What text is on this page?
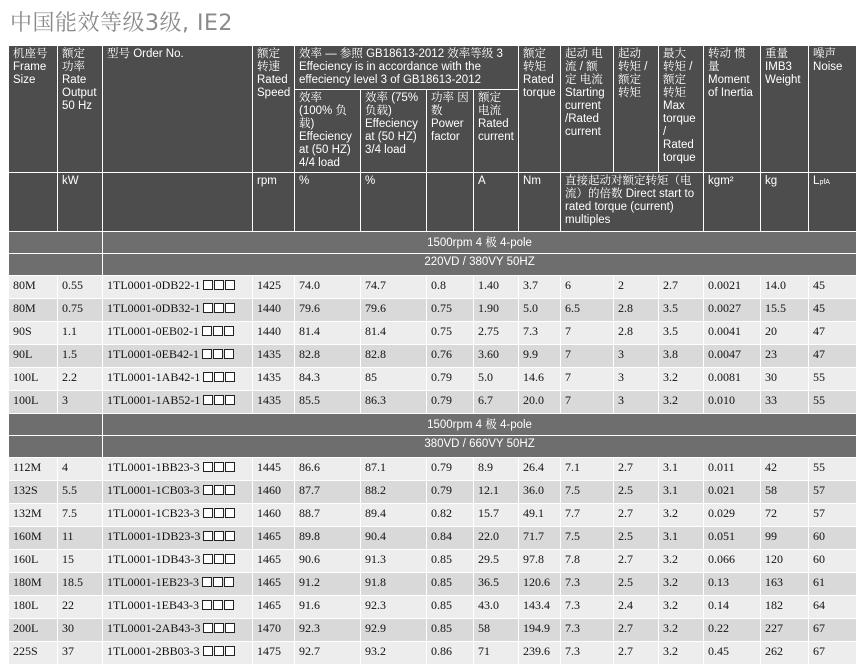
中国能效等级3级, IE2
机座号 Frame Size	额定 功率 Rate Output 50 Hz	型号 Order No.	额定 转速 Rated Speed	效率 — 参照 GB18613-2012 效率等级 3 Effeciency is in accordance with the effeciency level 3 of GB18613-2012				额定 转矩 Rated torque	起动 电流 / 额定 电流 Starting current /Rated current	起动 转矩 / 额定 转矩	最大 转矩 / 额定 转矩 Max torque / Rated torque	转动 惯量 Moment of Inertia	重量 IMB3 Weight	噪声 Noise
				效率 (100% 负载) Effeciency at (50 HZ) 4/4 load	效率 (75% 负载) Effeciency at (50 HZ) 3/4 load	功率 因数 Power factor	额定 电流 Rated current							
	kW		rpm	%	%		A	Nm	直接起动对额定转矩（电流）的倍数 Direct start to rated torque (current) multiples			kgm²	kg	LpfA
		1500rpm 4 极 4-pole												
		220VD / 380VY 50HZ												
80M	0.55	1TL0001-0DB22-1	1425	74.0	74.7	0.8	1.40	3.7	6	2	2.7	0.0021	14.0	45
80M	0.75	1TL0001-0DB32-1	1440	79.6	79.6	0.75	1.90	5.0	6.5	2.8	3.5	0.0027	15.5	45
90S	1.1	1TL0001-0EB02-1	1440	81.4	81.4	0.75	2.75	7.3	7	2.8	3.5	0.0041	20	47
90L	1.5	1TL0001-0EB42-1	1435	82.8	82.8	0.76	3.60	9.9	7	3	3.8	0.0047	23	47
100L	2.2	1TL0001-1AB42-1	1435	84.3	85	0.79	5.0	14.6	7	3	3.2	0.0081	30	55
100L	3	1TL0001-1AB52-1	1435	85.5	86.3	0.79	6.7	20.0	7	3	3.2	0.010	33	55
		1500rpm 4 极 4-pole												
		380VD / 660VY 50HZ												
112M	4	1TL0001-1BB23-3	1445	86.6	87.1	0.79	8.9	26.4	7.1	2.7	3.1	0.011	42	55
132S	5.5	1TL0001-1CB03-3	1460	87.7	88.2	0.79	12.1	36.0	7.5	2.5	3.1	0.021	58	57
132M	7.5	1TL0001-1CB23-3	1460	88.7	89.4	0.82	15.7	49.1	7.7	2.7	3.2	0.029	72	57
160M	11	1TL0001-1DB23-3	1465	89.8	90.4	0.84	22.0	71.7	7.5	2.5	3.1	0.051	99	60
160L	15	1TL0001-1DB43-3	1465	90.6	91.3	0.85	29.5	97.8	7.8	2.7	3.2	0.066	120	60
180M	18.5	1TL0001-1EB23-3	1465	91.2	91.8	0.85	36.5	120.6	7.3	2.5	3.2	0.13	163	61
180L	22	1TL0001-1EB43-3	1465	91.6	92.3	0.85	43.0	143.4	7.3	2.4	3.2	0.14	182	64
200L	30	1TL0001-2AB43-3	1470	92.3	92.9	0.85	58	194.9	7.3	2.7	3.2	0.22	227	67
225S	37	1TL0001-2BB03-3	1475	92.7	93.2	0.86	71	239.6	7.3	2.7	3.2	0.45	262	67
